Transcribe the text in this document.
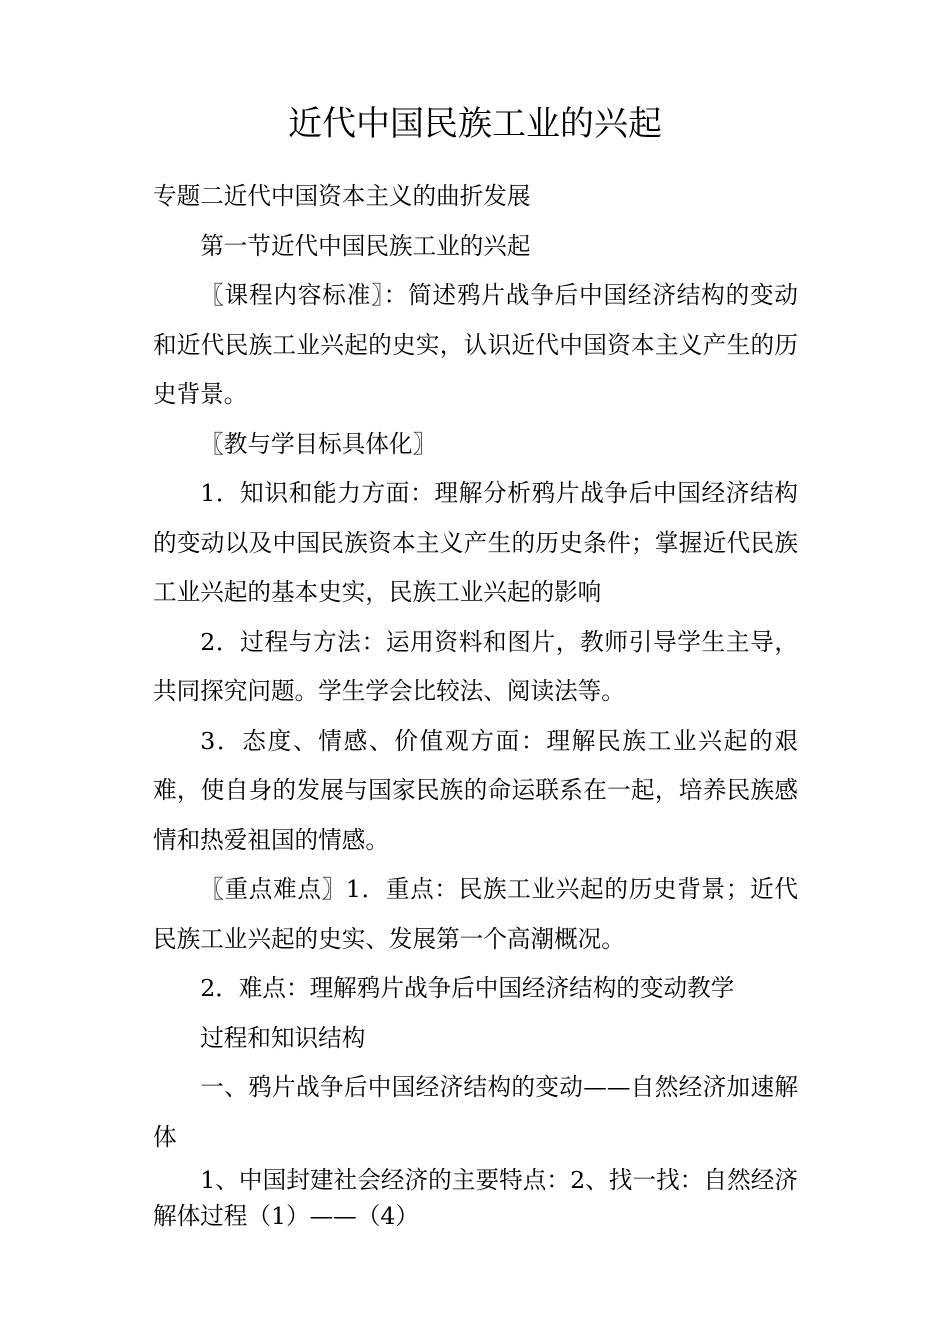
近代中国民族工业的兴起

专题二近代中国资本主义的曲折发展

第一节近代中国民族工业的兴起

〖课程内容标准〗：简述鸦片战争后中国经济结构的变动和近代民族工业兴起的史实，认识近代中国资本主义产生的历史背景。

〖教与学目标具体化〗

1．知识和能力方面：理解分析鸦片战争后中国经济结构的变动以及中国民族资本主义产生的历史条件；掌握近代民族工业兴起的基本史实，民族工业兴起的影响

2．过程与方法：运用资料和图片，教师引导学生主导，共同探究问题。学生学会比较法、阅读法等。

3．态度、情感、价值观方面：理解民族工业兴起的艰难，使自身的发展与国家民族的命运联系在一起，培养民族感情和热爱祖国的情感。

〖重点难点〗1．重点：民族工业兴起的历史背景；近代民族工业兴起的史实、发展第一个高潮概况。

2．难点：理解鸦片战争后中国经济结构的变动教学

过程和知识结构

一、鸦片战争后中国经济结构的变动——自然经济加速解体

1、中国封建社会经济的主要特点：2、找一找：自然经济解体过程（1）——（4）
